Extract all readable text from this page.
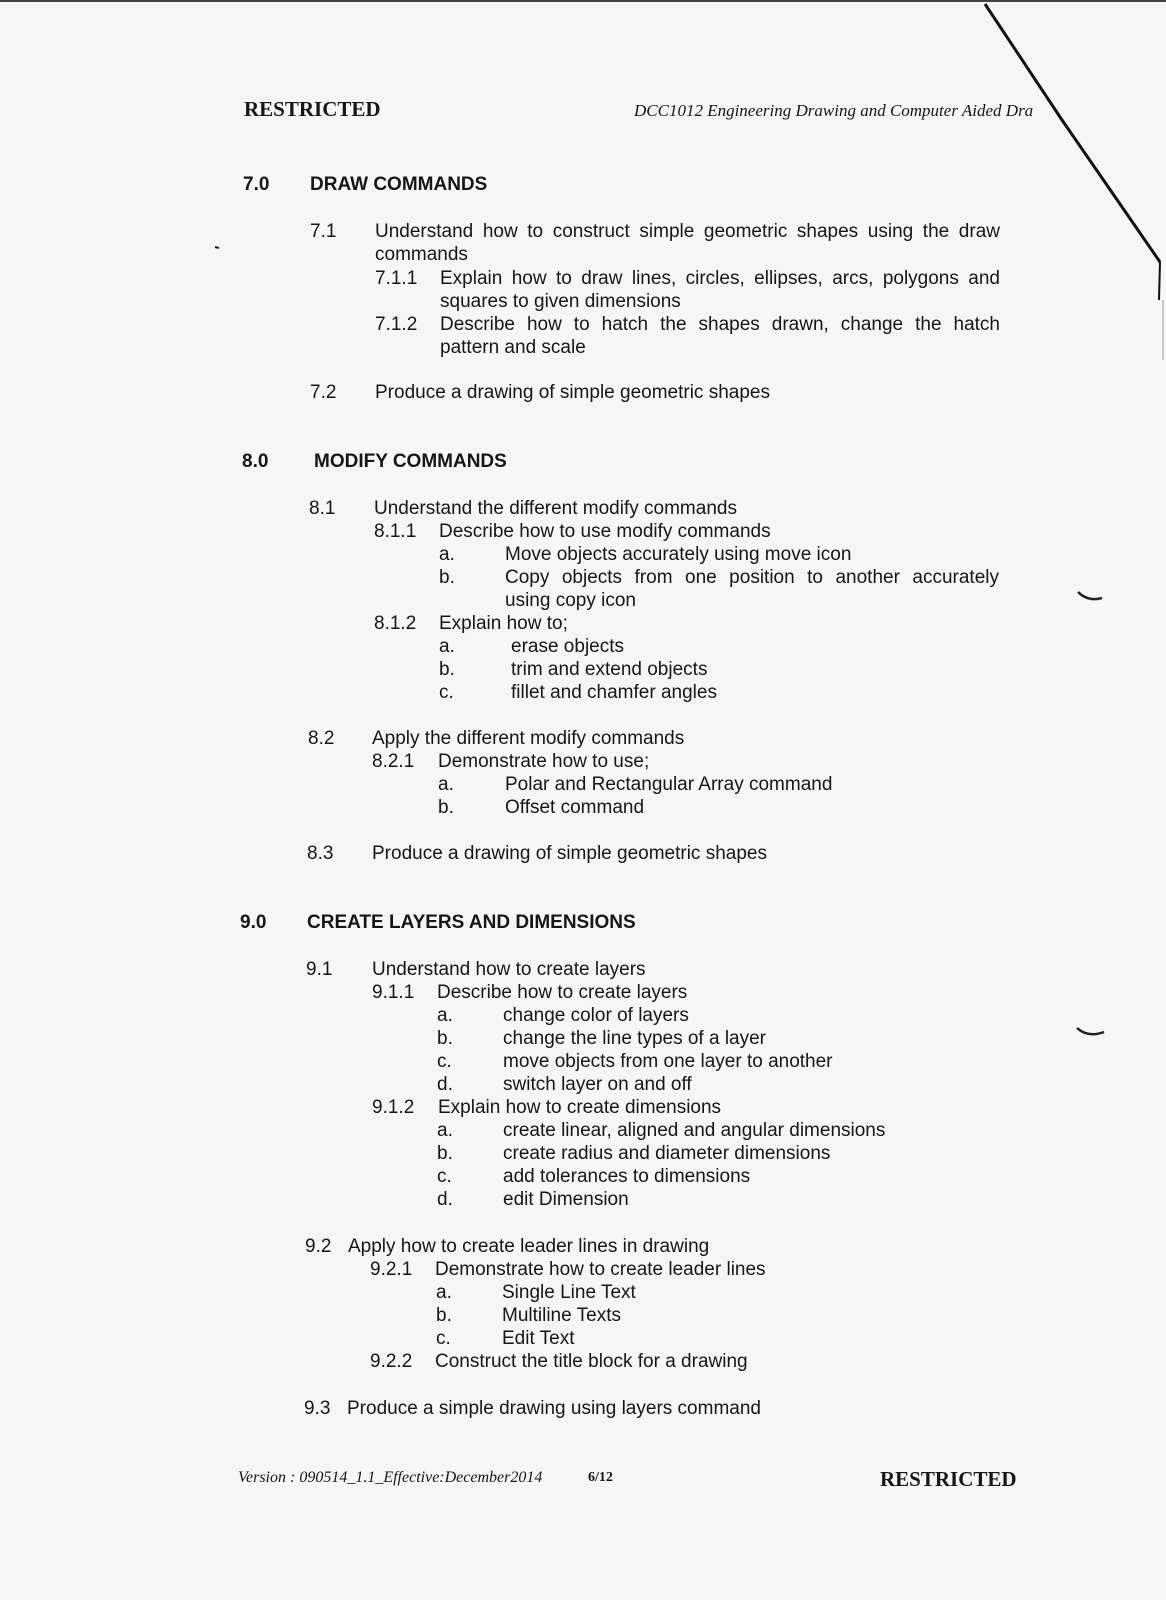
RESTRICTED	DCC1012 Engineering Drawing and Computer Aided Dra
7.0 DRAW COMMANDS
7.1 Understand how to construct simple geometric shapes using the draw
commands
7.1.1 Explain how to draw lines, circles, ellipses, arcs, polygons and
squares to given dimensions
7.1.2 Describe how to hatch the shapes drawn, change the hatch
pattern and scale
7.2 Produce a drawing of simple geometric shapes
8.0 MODIFY COMMANDS
8.1 Understand the different modify commands
8.1.1 Describe how to use modify commands
a.	Move objects accurately using move icon
b.	Copy objects from one position to another accurately
using copy icon
8.1.2 Explain how to;
a.	erase objects
b.	trim and extend objects
c.	fillet and chamfer angles
8.2 Apply the different modify commands
8.2.1 Demonstrate how to use;
a.	Polar and Rectangular Array command
b.	Offset command
8.3 Produce a drawing of simple geometric shapes
9.0 CREATE LAYERS AND DIMENSIONS
9.1 Understand how to create layers
9.1.1 Describe how to create layers
a.	change color of layers
b.	change the line types of a layer
c.	move objects from one layer to another
d.	switch layer on and off
9.1.2 Explain how to create dimensions
a.	create linear, aligned and angular dimensions
b.	create radius and diameter dimensions
c.	add tolerances to dimensions
d.	edit Dimension
9.2 Apply how to create leader lines in drawing
9.2.1 Demonstrate how to create leader lines
a.	Single Line Text
b.	Multiline Texts
c.	Edit Text
9.2.2 Construct the title block for a drawing
9.3 Produce a simple drawing using layers command
Version : 090514_1.1_Effective:December2014	6/12	RESTRICTED
